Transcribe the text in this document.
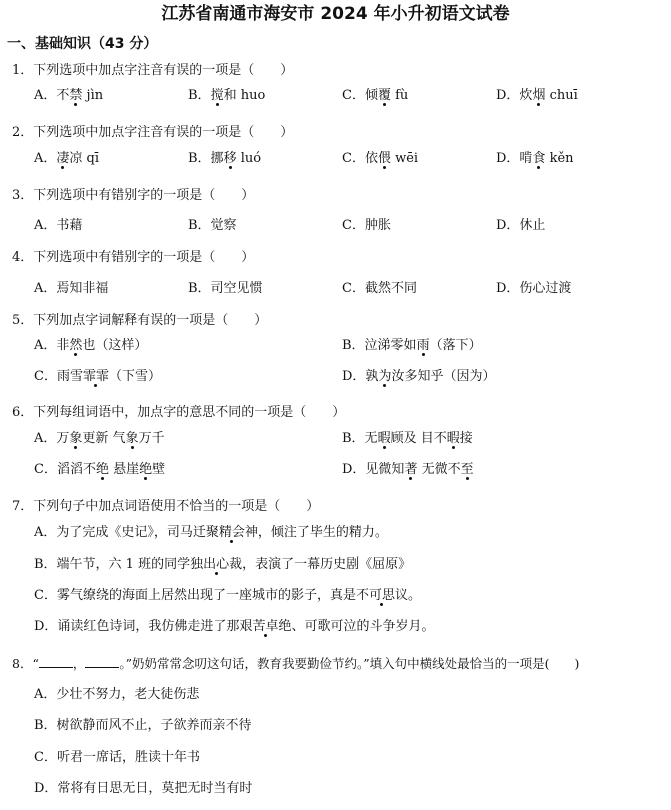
江苏省南通市海安市 2024 年小升初语文试卷
一、基础知识（43 分）
1．下列选项中加点字注音有误的一项是（　　）
A．不禁 jìn	B．搅和 huo	C．倾覆 fù	D．炊烟 chuī
2．下列选项中加点字注音有误的一项是（　　）
A．凄凉 qī	B．挪移 luó	C．依偎 wēi	D．啃食 kěn
3．下列选项中有错别字的一项是（　　）
A．书藉	B．觉察	C．肿胀	D．休止
4．下列选项中有错别字的一项是（　　）
A．焉知非福	B．司空见惯	C．截然不同	D．伤心过渡
5．下列加点字词解释有误的一项是（　　）
A．非然也（这样）	B．泣涕零如雨（落下）
C．雨雪霏霏（下雪）	D．孰为汝多知乎（因为）
6．下列每组词语中，加点字的意思不同的一项是（　　）
A．万象更新 气象万千	B．无暇顾及 目不暇接
C．滔滔不绝 悬崖绝壁	D．见微知著 无微不至
7．下列句子中加点词语使用不恰当的一项是（　　）
A．为了完成《史记》，司马迁聚精会神，倾注了毕生的精力。
B．端午节，六 1 班的同学独出心裁，表演了一幕历史剧《屈原》
C．雾气缭绕的海面上居然出现了一座城市的影子，真是不可思议。
D．诵读红色诗词，我仿佛走进了那艰苦卓绝、可歌可泣的斗争岁月。
8．“	，	。”奶奶常常念叨这句话，教育我要勤俭节约。”填入句中横线处最恰当的一项是(　　)
A．少壮不努力，老大徒伤悲
B．树欲静而风不止，子欲养而亲不待
C．听君一席话，胜读十年书
D．常将有日思无日，莫把无时当有时
